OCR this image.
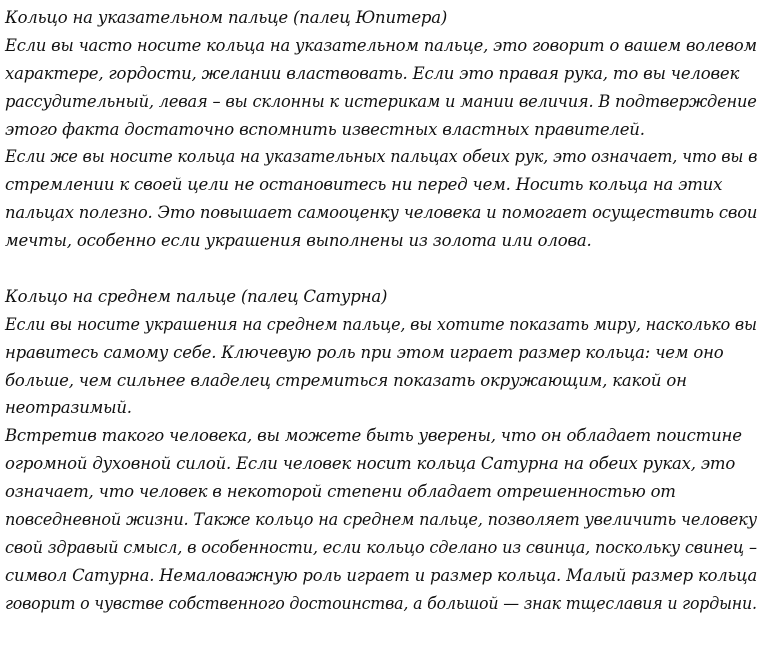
Кольцо на указательном пальце (палец Юпитера)
Если вы часто носите кольца на указательном пальце, это говорит о вашем волевом
характере, гордости, желании властвовать. Если это правая рука, то вы человек
рассудительный, левая – вы склонны к истерикам и мании величия. В подтверждение
этого факта достаточно вспомнить известных властных правителей.
Если же вы носите кольца на указательных пальцах обеих рук, это означает, что вы в
стремлении к своей цели не остановитесь ни перед чем. Носить кольца на этих
пальцах полезно. Это повышает самооценку человека и помогает осуществить свои
мечты, особенно если украшения выполнены из золота или олова.
Кольцо на среднем пальце (палец Сатурна)
Если вы носите украшения на среднем пальце, вы хотите показать миру, насколько вы
нравитесь самому себе. Ключевую роль при этом играет размер кольца: чем оно
больше, чем сильнее владелец стремиться показать окружающим, какой он
неотразимый.
Встретив такого человека, вы можете быть уверены, что он обладает поистине
огромной духовной силой. Если человек носит кольца Сатурна на обеих руках, это
означает, что человек в некоторой степени обладает отрешенностью от
повседневной жизни. Также кольцо на среднем пальце, позволяет увеличить человеку
свой здравый смысл, в особенности, если кольцо сделано из свинца, поскольку свинец –
символ Сатурна. Немаловажную роль играет и размер кольца. Малый размер кольца
говорит о чувстве собственного достоинства, а большой — знак тщеславия и гордыни.
